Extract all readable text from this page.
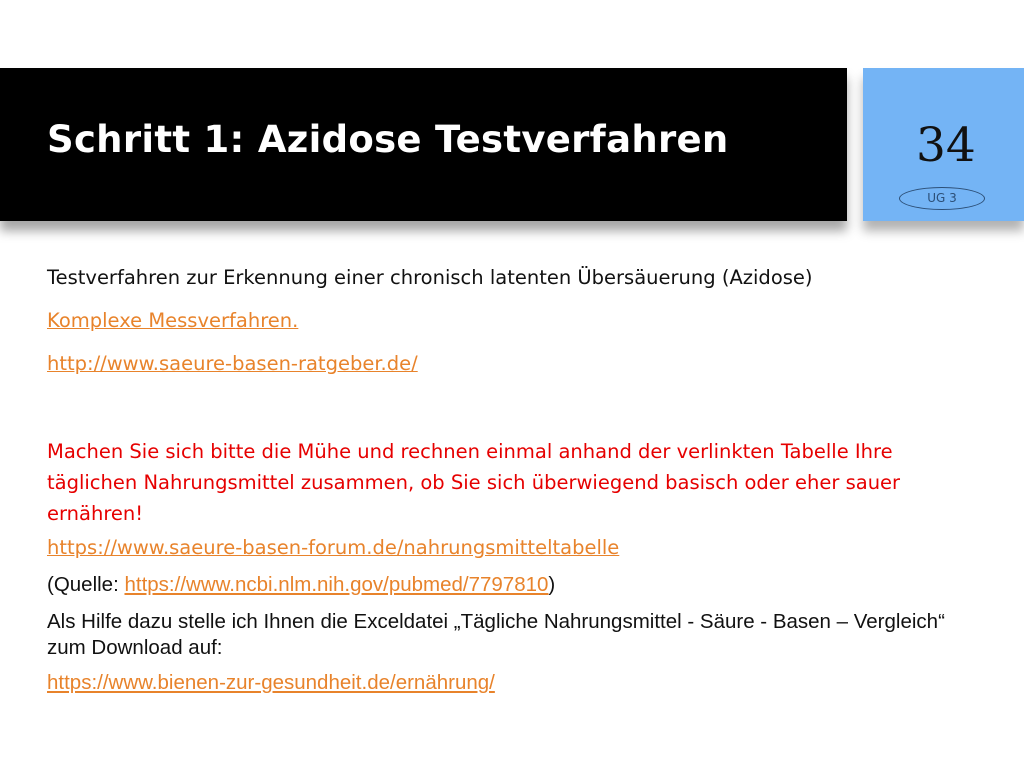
Schritt 1: Azidose Testverfahren	34
UG 3

Testverfahren zur Erkennung einer chronisch latenten Übersäuerung (Azidose)

Komplexe Messverfahren.

http://www.saeure-basen-ratgeber.de/

Machen Sie sich bitte die Mühe und rechnen einmal anhand der verlinkten Tabelle Ihre täglichen Nahrungsmittel zusammen, ob Sie sich überwiegend basisch oder eher sauer ernähren!

https://www.saeure-basen-forum.de/nahrungsmitteltabelle

(Quelle: https://www.ncbi.nlm.nih.gov/pubmed/7797810)

Als Hilfe dazu stelle ich Ihnen die Exceldatei „Tägliche Nahrungsmittel - Säure - Basen – Vergleich“ zum Download auf:

https://www.bienen-zur-gesundheit.de/ernährung/
